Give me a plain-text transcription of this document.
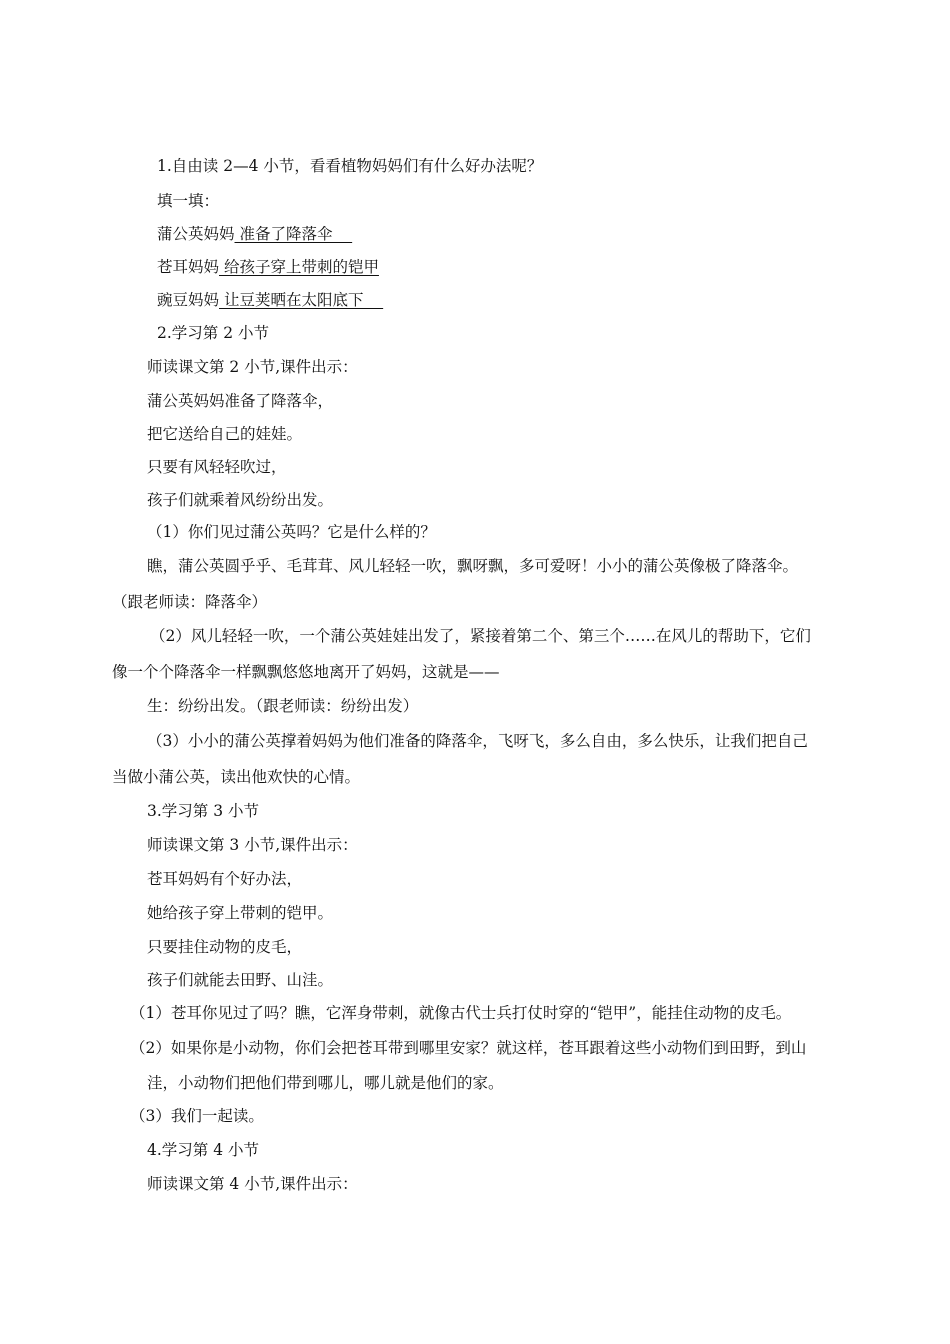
1.自由读 2—4 小节，看看植物妈妈们有什么好办法呢？
填一填：
蒲公英妈妈 准备了降落伞
苍耳妈妈 给孩子穿上带刺的铠甲
豌豆妈妈 让豆荚晒在太阳底下
2.学习第 2 小节
师读课文第 2 小节,课件出示：
蒲公英妈妈准备了降落伞，
把它送给自己的娃娃。
只要有风轻轻吹过，
孩子们就乘着风纷纷出发。
（1）你们见过蒲公英吗？它是什么样的？
瞧，蒲公英圆乎乎、毛茸茸、风儿轻轻一吹，飘呀飘，多可爱呀！小小的蒲公英像极了降落伞。
（跟老师读：降落伞）
（2）风儿轻轻一吹，一个蒲公英娃娃出发了，紧接着第二个、第三个……在风儿的帮助下，它们
像一个个降落伞一样飘飘悠悠地离开了妈妈，这就是——
生：纷纷出发。（跟老师读：纷纷出发）
（3）小小的蒲公英撑着妈妈为他们准备的降落伞，飞呀飞，多么自由，多么快乐，让我们把自己
当做小蒲公英，读出他欢快的心情。
3.学习第 3 小节
师读课文第 3 小节,课件出示：
苍耳妈妈有个好办法，
她给孩子穿上带刺的铠甲。
只要挂住动物的皮毛，
孩子们就能去田野、山洼。
（1）苍耳你见过了吗？瞧，它浑身带刺，就像古代士兵打仗时穿的“铠甲”，能挂住动物的皮毛。
（2）如果你是小动物，你们会把苍耳带到哪里安家？就这样，苍耳跟着这些小动物们到田野，到山
洼，小动物们把他们带到哪儿，哪儿就是他们的家。
（3）我们一起读。
4.学习第 4 小节
师读课文第 4 小节,课件出示：
